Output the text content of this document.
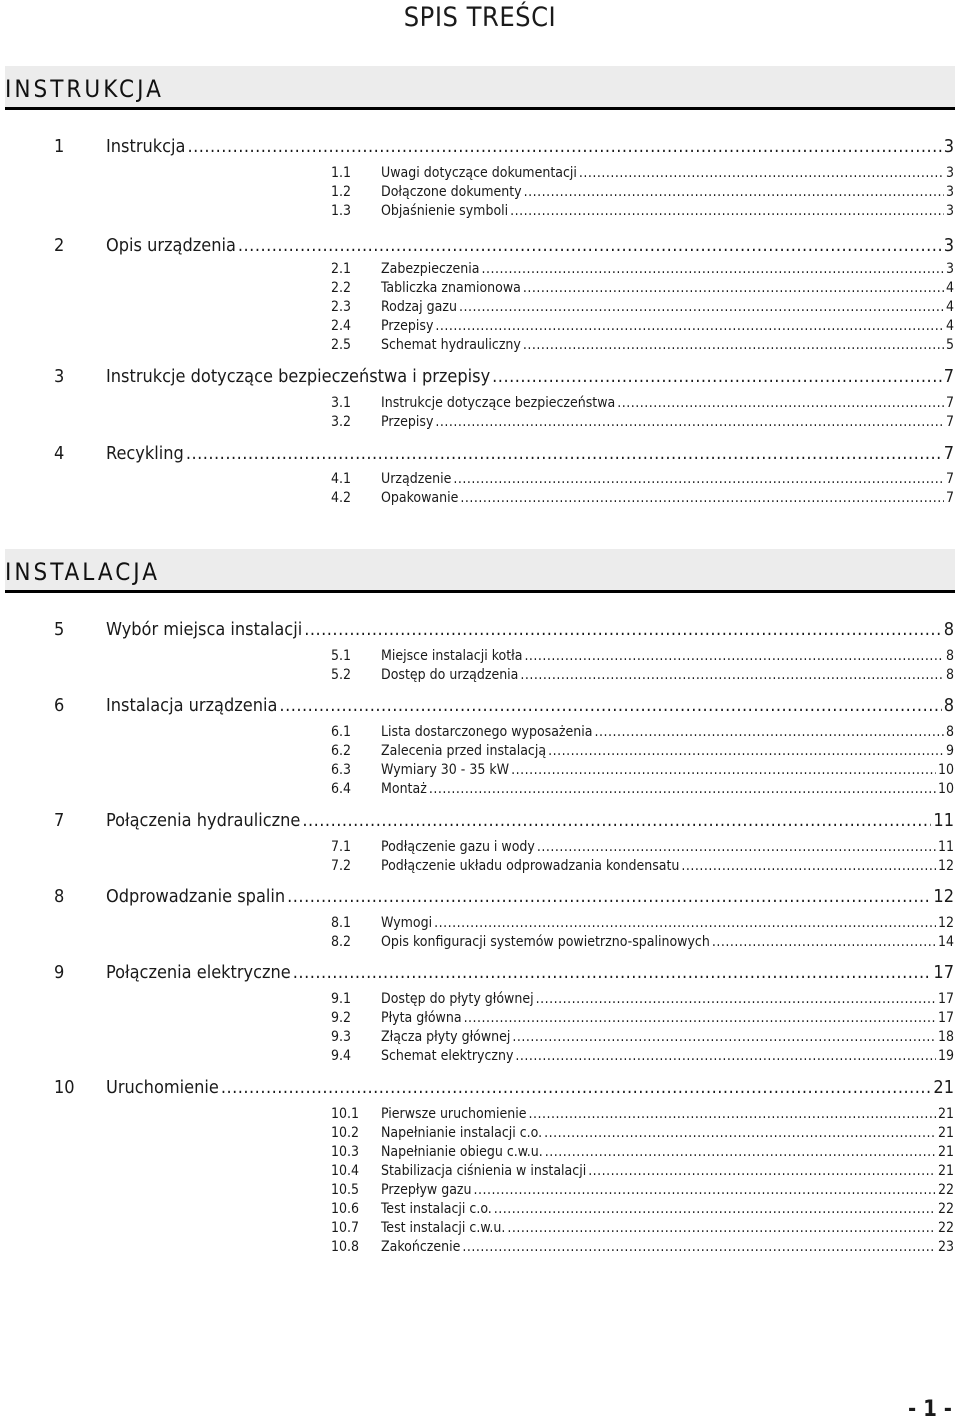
SPIS TREŚCI
INSTRUKCJA
1	Instrukcja .....	3
1.1	Uwagi dotyczące dokumentacji .....	3
1.2	Dołączone dokumenty .....	3
1.3	Objaśnienie symboli .....	3
2	Opis urządzenia .....	3
2.1	Zabezpieczenia .....	3
2.2	Tabliczka znamionowa .....	4
2.3	Rodzaj gazu .....	4
2.4	Przepisy .....	4
2.5	Schemat hydrauliczny .....	5
3	Instrukcje dotyczące bezpieczeństwa i przepisy .....	7
3.1	Instrukcje dotyczące bezpieczeństwa .....	7
3.2	Przepisy .....	7
4	Recykling .....	7
4.1	Urządzenie .....	7
4.2	Opakowanie .....	7
INSTALACJA
5	Wybór miejsca instalacji .....	8
5.1	Miejsce instalacji kotła .....	8
5.2	Dostęp do urządzenia .....	8
6	Instalacja urządzenia .....	8
6.1	Lista dostarczonego wyposażenia .....	8
6.2	Zalecenia przed instalacją .....	9
6.3	Wymiary 30 - 35 kW .....	10
6.4	Montaż .....	10
7	Połączenia hydrauliczne .....	11
7.1	Podłączenie gazu i wody .....	11
7.2	Podłączenie układu odprowadzania kondensatu .....	12
8	Odprowadzanie spalin .....	12
8.1	Wymogi .....	12
8.2	Opis konfiguracji systemów powietrzno-spalinowych .....	14
9	Połączenia elektryczne .....	17
9.1	Dostęp do płyty głównej .....	17
9.2	Płyta główna .....	17
9.3	Złącza płyty głównej .....	18
9.4	Schemat elektryczny .....	19
10	Uruchomienie .....	21
10.1	Pierwsze uruchomienie .....	21
10.2	Napełnianie instalacji c.o. .....	21
10.3	Napełnianie obiegu c.w.u. .....	21
10.4	Stabilizacja ciśnienia w instalacji .....	21
10.5	Przepływ gazu .....	22
10.6	Test instalacji c.o. .....	22
10.7	Test instalacji c.w.u. .....	22
10.8	Zakończenie .....	23
- 1 -
